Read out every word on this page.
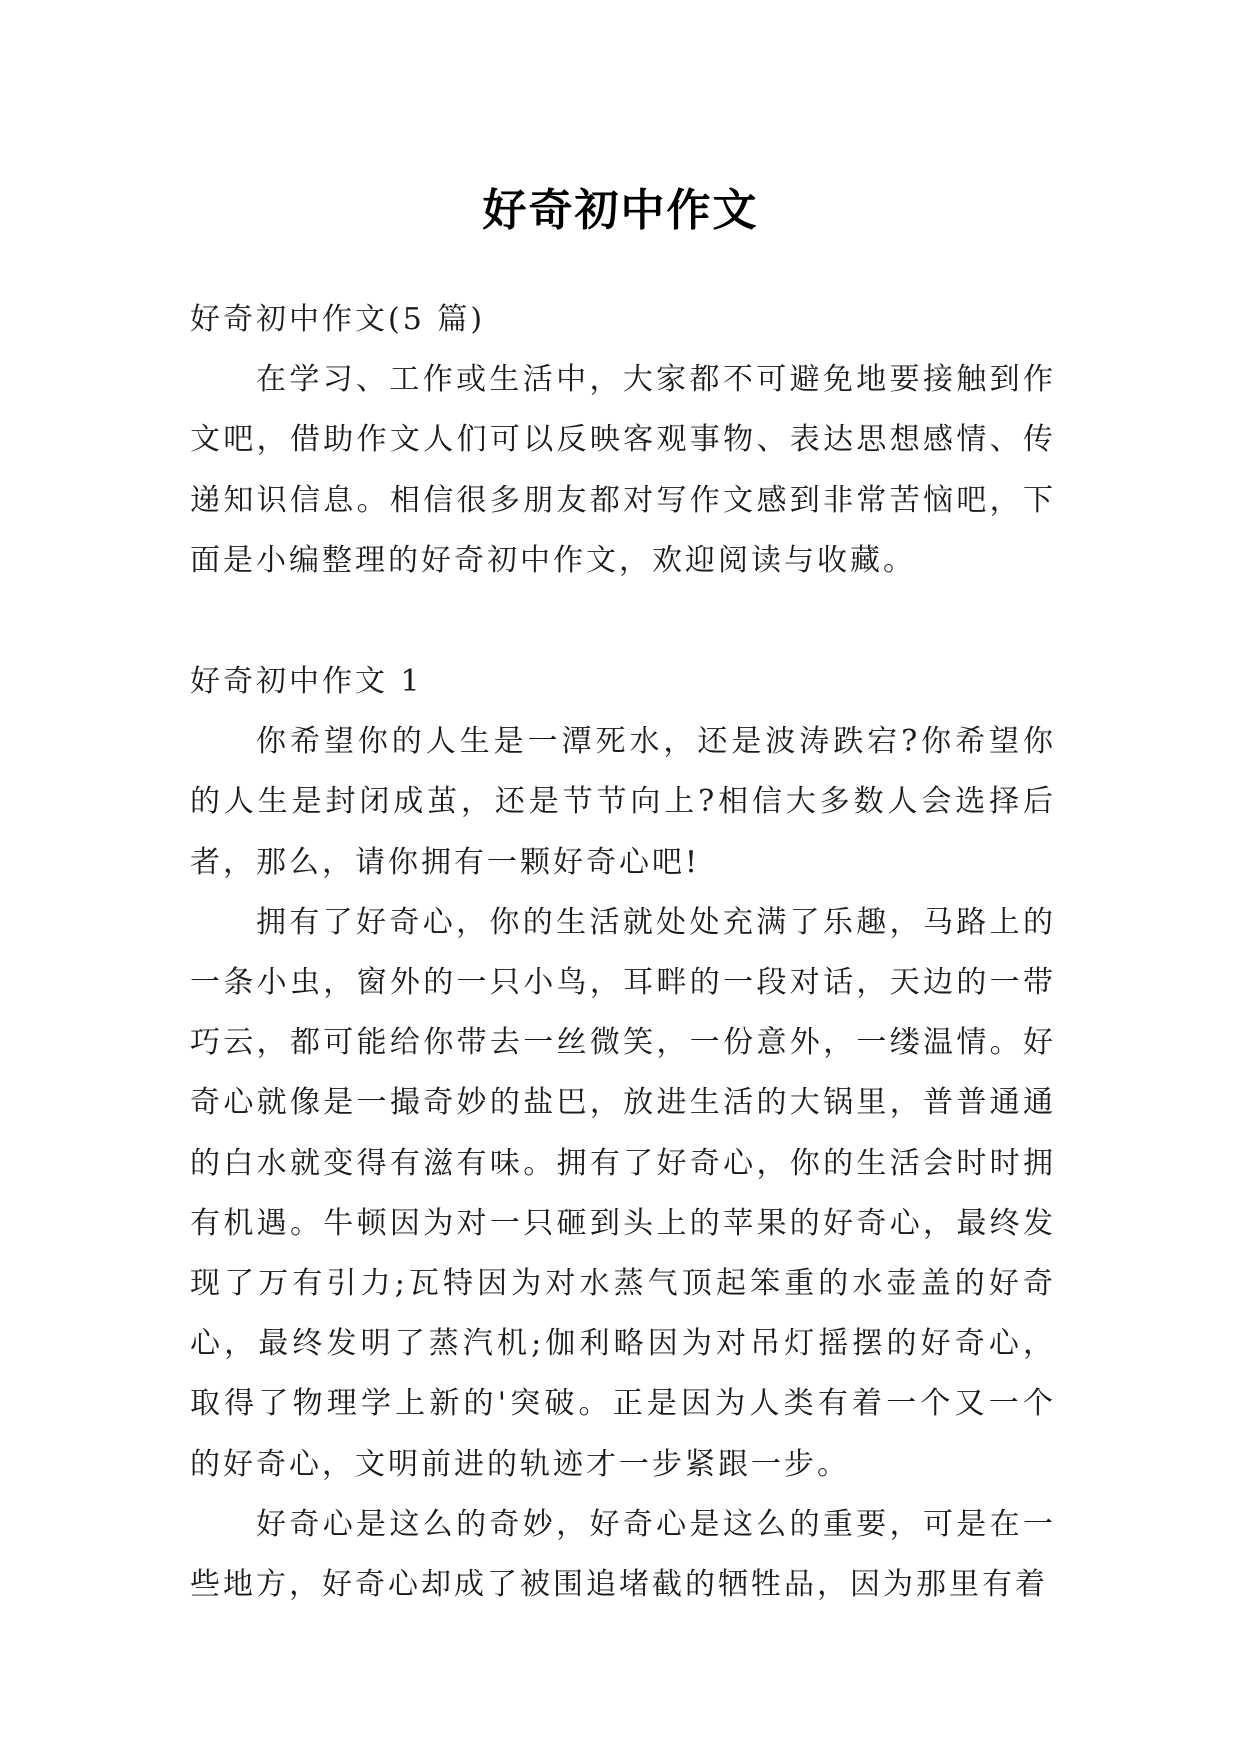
好奇初中作文

好奇初中作文(5 篇)

在学习、工作或生活中，大家都不可避免地要接触到作文吧，借助作文人们可以反映客观事物、表达思想感情、传递知识信息。相信很多朋友都对写作文感到非常苦恼吧，下面是小编整理的好奇初中作文，欢迎阅读与收藏。

好奇初中作文 1

你希望你的人生是一潭死水，还是波涛跌宕?你希望你的人生是封闭成茧，还是节节向上?相信大多数人会选择后者，那么，请你拥有一颗好奇心吧!

拥有了好奇心，你的生活就处处充满了乐趣，马路上的一条小虫，窗外的一只小鸟，耳畔的一段对话，天边的一带巧云，都可能给你带去一丝微笑，一份意外，一缕温情。好奇心就像是一撮奇妙的盐巴，放进生活的大锅里，普普通通的白水就变得有滋有味。拥有了好奇心，你的生活会时时拥有机遇。牛顿因为对一只砸到头上的苹果的好奇心，最终发现了万有引力;瓦特因为对水蒸气顶起笨重的水壶盖的好奇心，最终发明了蒸汽机;伽利略因为对吊灯摇摆的好奇心，取得了物理学上新的'突破。正是因为人类有着一个又一个的好奇心，文明前进的轨迹才一步紧跟一步。

好奇心是这么的奇妙，好奇心是这么的重要，可是在一些地方，好奇心却成了被围追堵截的牺牲品，因为那里有着
